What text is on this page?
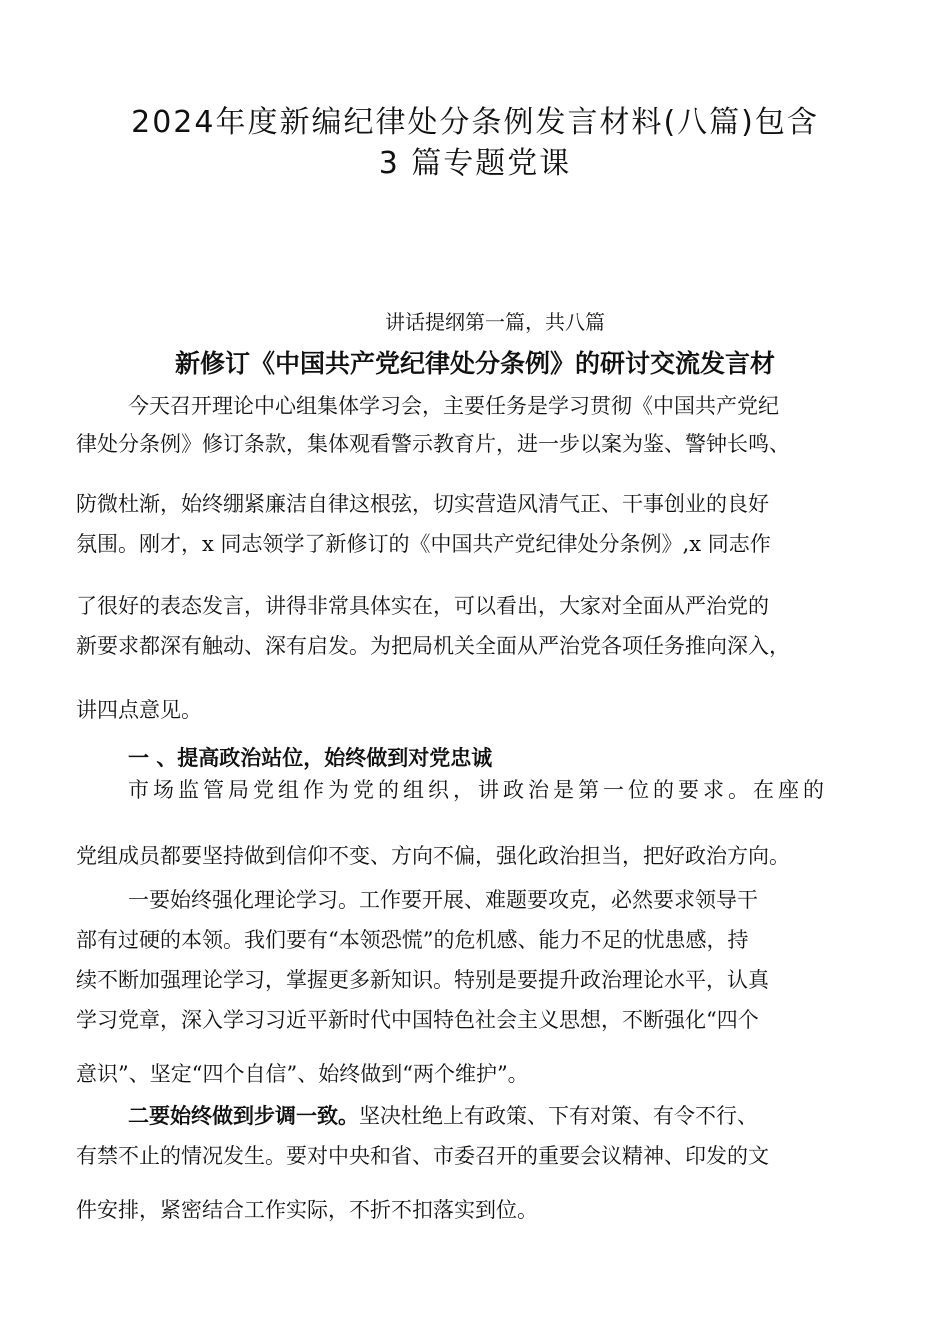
2024年度新编纪律处分条例发言材料(八篇)包含
3 篇专题党课
讲话提纲第一篇，共八篇
新修订《中国共产党纪律处分条例》的研讨交流发言材
今天召开理论中心组集体学习会，主要任务是学习贯彻《中国共产党纪
律处分条例》修订条款，集体观看警示教育片，进一步以案为鉴、警钟长鸣、
防微杜渐，始终绷紧廉洁自律这根弦，切实营造风清气正、干事创业的良好
氛围。刚才，x 同志领学了新修订的《中国共产党纪律处分条例》,x 同志作
了很好的表态发言，讲得非常具体实在，可以看出，大家对全面从严治党的
新要求都深有触动、深有启发。为把局机关全面从严治党各项任务推向深入，
讲四点意见。
一 、提高政治站位，始终做到对党忠诚
市场监管局党组作为党的组织，讲政治是第一位的要求。在座的
党组成员都要坚持做到信仰不变、方向不偏，强化政治担当，把好政治方向。
一要始终强化理论学习。工作要开展、难题要攻克，必然要求领导干
部有过硬的本领。我们要有“本领恐慌”的危机感、能力不足的忧患感，持
续不断加强理论学习，掌握更多新知识。特别是要提升政治理论水平，认真
学习党章，深入学习习近平新时代中国特色社会主义思想，不断强化“四个
意识”、坚定“四个自信”、始终做到“两个维护”。
二要始终做到步调一致。坚决杜绝上有政策、下有对策、有令不行、
有禁不止的情况发生。要对中央和省、市委召开的重要会议精神、印发的文
件安排，紧密结合工作实际，不折不扣落实到位。
